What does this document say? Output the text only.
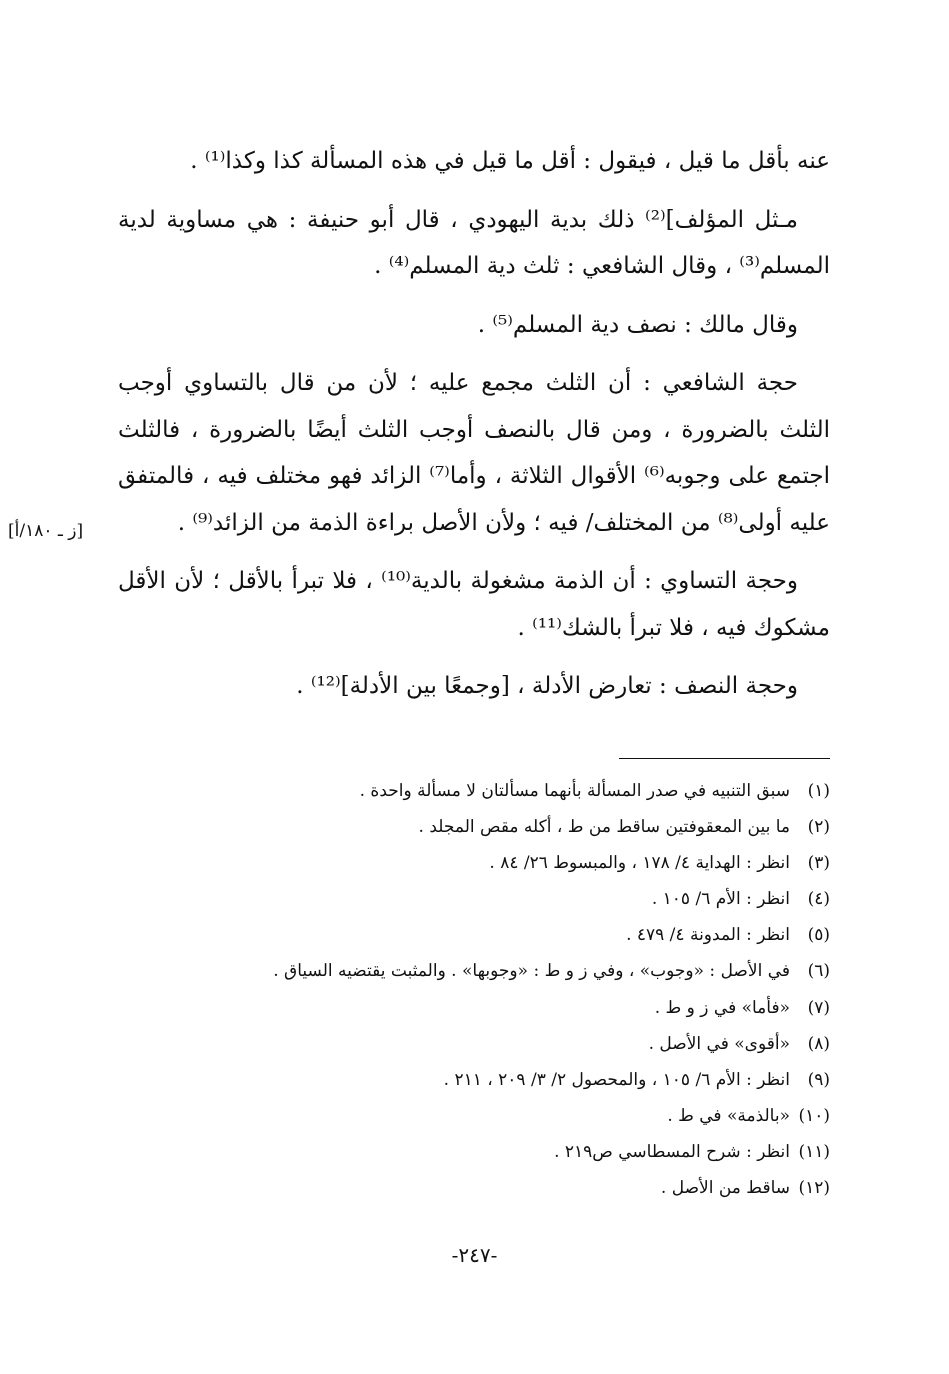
عنه بأقل ما قيل ، فيقول : أقل ما قيل في هذه المسألة كذا وكذا⁽¹⁾ .

مـثل المؤلف]⁽²⁾ ذلك بدية اليهودي ، قال أبو حنيفة : هي مساوية لدية المسلم⁽³⁾ ، وقال الشافعي : ثلث دية المسلم⁽⁴⁾ .

وقال مالك : نصف دية المسلم⁽⁵⁾ .

حجة الشافعي : أن الثلث مجمع عليه ؛ لأن من قال بالتساوي أوجب الثلث بالضرورة ، ومن قال بالنصف أوجب الثلث أيضًا بالضرورة ، فالثلث اجتمع على وجوبه⁽⁶⁾ الأقوال الثلاثة ، وأما⁽⁷⁾ الزائد فهو مختلف فيه ، فالمتفق عليه أولى⁽⁸⁾ من المختلف/ فيه ؛ ولأن الأصل براءة الذمة من الزائد⁽⁹⁾ .

وحجة التساوي : أن الذمة مشغولة بالدية⁽¹⁰⁾ ، فلا تبرأ بالأقل ؛ لأن الأقل مشكوك فيه ، فلا تبرأ بالشك⁽¹¹⁾ .

وحجة النصف : تعارض الأدلة ، [وجمعًا بين الأدلة]⁽¹²⁾ .

[ز ـ ١٨٠/أ]
(١)سبق التنبيه في صدر المسألة بأنهما مسألتان لا مسألة واحدة .
(٢)ما بين المعقوفتين ساقط من ط ، أكله مقص المجلد .
(٣)انظر : الهداية ٤/ ١٧٨ ، والمبسوط ٢٦/ ٨٤ .
(٤)انظر : الأم ٦/ ١٠٥ .
(٥)انظر : المدونة ٤/ ٤٧٩ .
(٦)في الأصل : «وجوب» ، وفي ز و ط : «وجوبها» . والمثبت يقتضيه السياق .
(٧)«فأما» في ز و ط .
(٨)«أقوى» في الأصل .
(٩)انظر : الأم ٦/ ١٠٥ ، والمحصول ٢/ ٣/ ٢٠٩ ، ٢١١ .
(١٠)«بالذمة» في ط .
(١١)انظر : شرح المسطاسي ص٢١٩ .
(١٢)ساقط من الأصل .
-٢٤٧-
